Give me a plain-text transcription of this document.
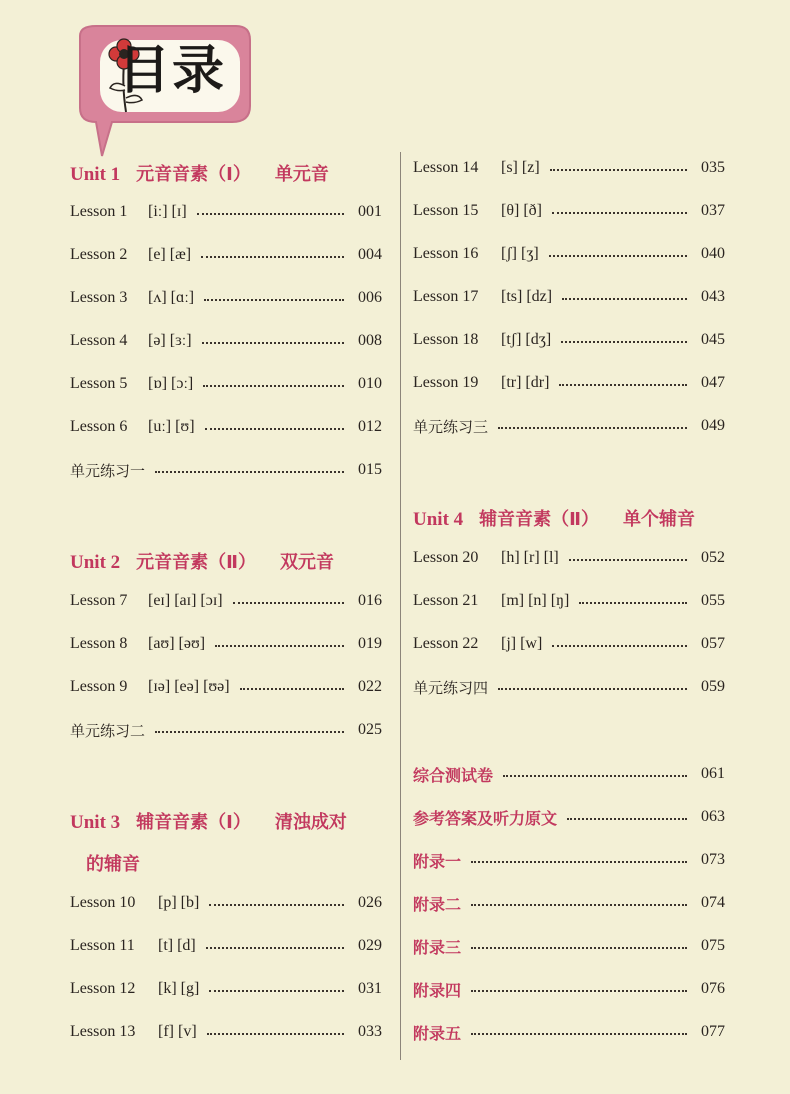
目录
Unit 1 元音音素（Ⅰ） 单元音
Lesson 1	[iː] [ɪ]	001
Lesson 2	[e] [æ]	004
Lesson 3	[ʌ] [ɑː]	006
Lesson 4	[ə] [ɜː]	008
Lesson 5	[ɒ] [ɔː]	010
Lesson 6	[uː] [ʊ]	012
单元练习一	015
Unit 2 元音音素（Ⅱ） 双元音
Lesson 7	[eɪ] [aɪ] [ɔɪ]	016
Lesson 8	[aʊ] [əʊ]	019
Lesson 9	[ɪə] [eə] [ʊə]	022
单元练习二	025
Unit 3 辅音音素（Ⅰ） 清浊成对
的辅音
Lesson 10	[p] [b]	026
Lesson 11	[t] [d]	029
Lesson 12	[k] [g]	031
Lesson 13	[f] [v]	033
Lesson 14	[s] [z]	035
Lesson 15	[θ] [ð]	037
Lesson 16	[ʃ] [ʒ]	040
Lesson 17	[ts] [dz]	043
Lesson 18	[tʃ] [dʒ]	045
Lesson 19	[tr] [dr]	047
单元练习三	049
Unit 4 辅音音素（Ⅱ） 单个辅音
Lesson 20	[h] [r] [l]	052
Lesson 21	[m] [n] [ŋ]	055
Lesson 22	[j] [w]	057
单元练习四	059
综合测试卷	061
参考答案及听力原文	063
附录一	073
附录二	074
附录三	075
附录四	076
附录五	077
